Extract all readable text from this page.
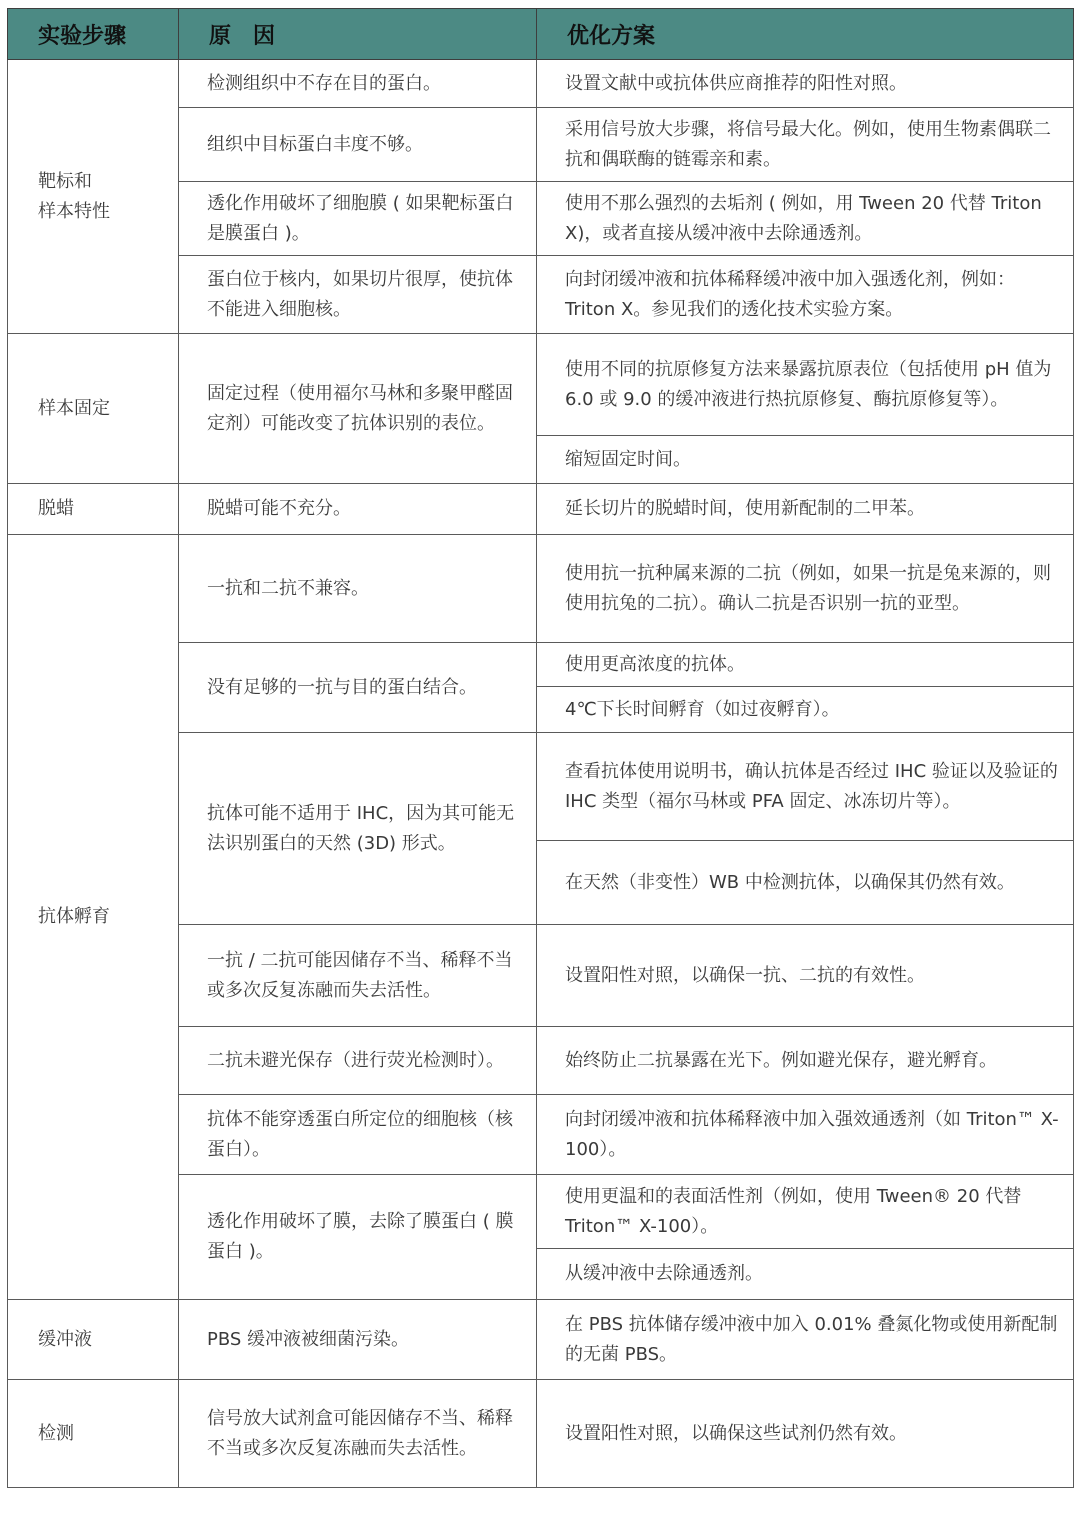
实验步骤	原　因	优化方案
靶标和
样本特性	检测组织中不存在目的蛋白。	设置文献中或抗体供应商推荐的阳性对照。
	组织中目标蛋白丰度不够。	采用信号放大步骤，将信号最大化。例如，使用生物素偶联二抗和偶联酶的链霉亲和素。
	透化作用破坏了细胞膜 ( 如果靶标蛋白是膜蛋白 )。	使用不那么强烈的去垢剂 ( 例如，用 Tween 20 代替 Triton X)，或者直接从缓冲液中去除通透剂。
	蛋白位于核内，如果切片很厚，使抗体不能进入细胞核。	向封闭缓冲液和抗体稀释缓冲液中加入强透化剂，例如：Triton X。参见我们的透化技术实验方案。
样本固定	固定过程（使用福尔马林和多聚甲醛固定剂）可能改变了抗体识别的表位。	使用不同的抗原修复方法来暴露抗原表位（包括使用 pH 值为 6.0 或 9.0 的缓冲液进行热抗原修复、酶抗原修复等）。
		缩短固定时间。
脱蜡	脱蜡可能不充分。	延长切片的脱蜡时间，使用新配制的二甲苯。
抗体孵育	一抗和二抗不兼容。	使用抗一抗种属来源的二抗（例如，如果一抗是兔来源的，则使用抗兔的二抗）。确认二抗是否识别一抗的亚型。
	没有足够的一抗与目的蛋白结合。	使用更高浓度的抗体。
		4℃下长时间孵育（如过夜孵育）。
	抗体可能不适用于 IHC，因为其可能无法识别蛋白的天然 (3D) 形式。	查看抗体使用说明书，确认抗体是否经过 IHC 验证以及验证的 IHC 类型（福尔马林或 PFA 固定、冰冻切片等）。
		在天然（非变性）WB 中检测抗体，以确保其仍然有效。
	一抗 / 二抗可能因储存不当、稀释不当或多次反复冻融而失去活性。	设置阳性对照，以确保一抗、二抗的有效性。
	二抗未避光保存（进行荧光检测时）。	始终防止二抗暴露在光下。例如避光保存，避光孵育。
	抗体不能穿透蛋白所定位的细胞核（核蛋白）。	向封闭缓冲液和抗体稀释液中加入强效通透剂（如 Triton™ X-100）。
	透化作用破坏了膜，去除了膜蛋白 ( 膜蛋白 )。	使用更温和的表面活性剂（例如，使用 Tween® 20 代替 Triton™ X-100）。
		从缓冲液中去除通透剂。
缓冲液	PBS 缓冲液被细菌污染。	在 PBS 抗体储存缓冲液中加入 0.01% 叠氮化物或使用新配制的无菌 PBS。
检测	信号放大试剂盒可能因储存不当、稀释不当或多次反复冻融而失去活性。	设置阳性对照，以确保这些试剂仍然有效。
